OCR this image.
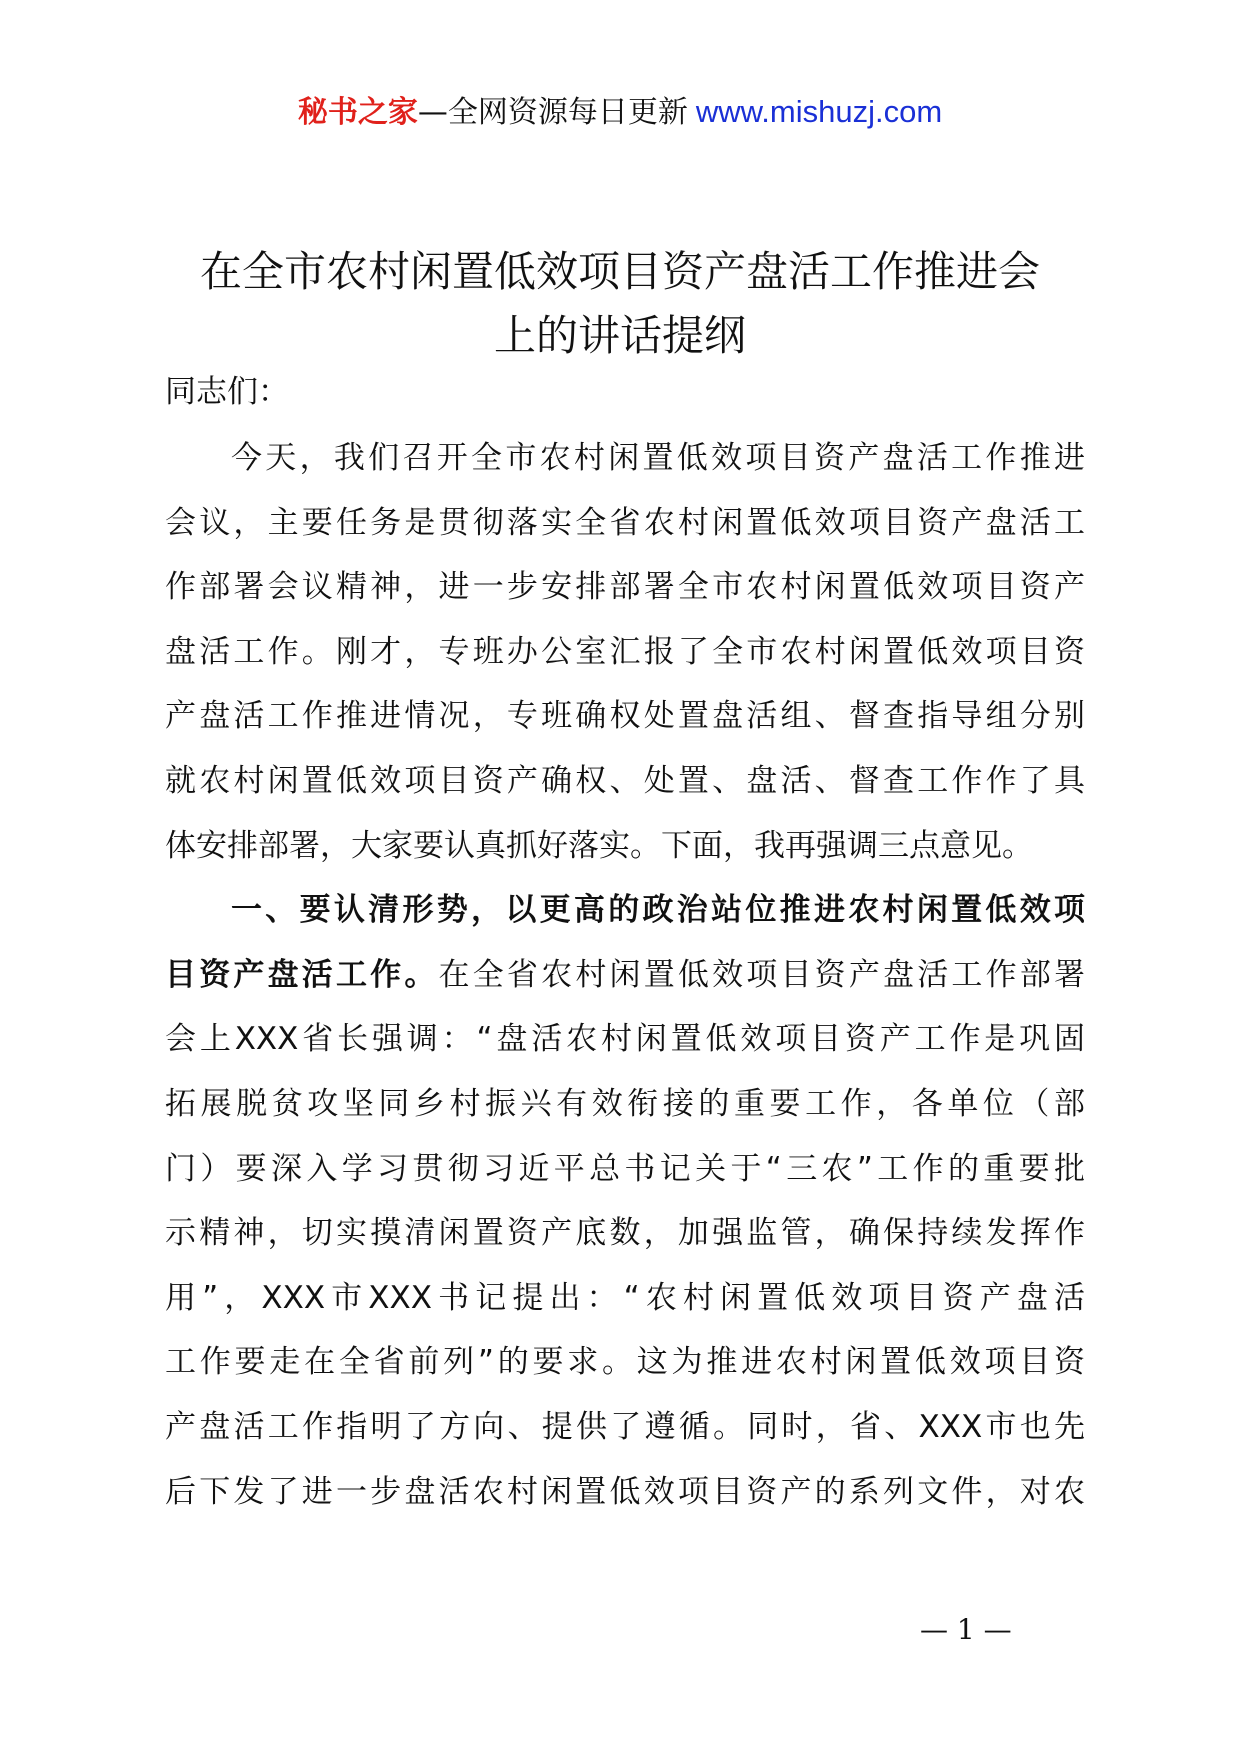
秘书之家—全网资源每日更新 www.mishuzj.com
在全市农村闲置低效项目资产盘活工作推进会
上的讲话提纲
同志们：
今天，我们召开全市农村闲置低效项目资产盘活工作推进
会议，主要任务是贯彻落实全省农村闲置低效项目资产盘活工
作部署会议精神，进一步安排部署全市农村闲置低效项目资产
盘活工作。刚才，专班办公室汇报了全市农村闲置低效项目资
产盘活工作推进情况，专班确权处置盘活组、督查指导组分别
就农村闲置低效项目资产确权、处置、盘活、督查工作作了具
体安排部署，大家要认真抓好落实。下面，我再强调三点意见。
一、要认清形势，以更高的政治站位推进农村闲置低效项
目资产盘活工作。在全省农村闲置低效项目资产盘活工作部署
会上XXX省长强调：“盘活农村闲置低效项目资产工作是巩固
拓展脱贫攻坚同乡村振兴有效衔接的重要工作，各单位（部
门）要深入学习贯彻习近平总书记关于“三农”工作的重要批
示精神，切实摸清闲置资产底数，加强监管，确保持续发挥作
用”，XXX市XXX书记提出：“农村闲置低效项目资产盘活
工作要走在全省前列”的要求。这为推进农村闲置低效项目资
产盘活工作指明了方向、提供了遵循。同时，省、XXX市也先
后下发了进一步盘活农村闲置低效项目资产的系列文件，对农
— 1 —
